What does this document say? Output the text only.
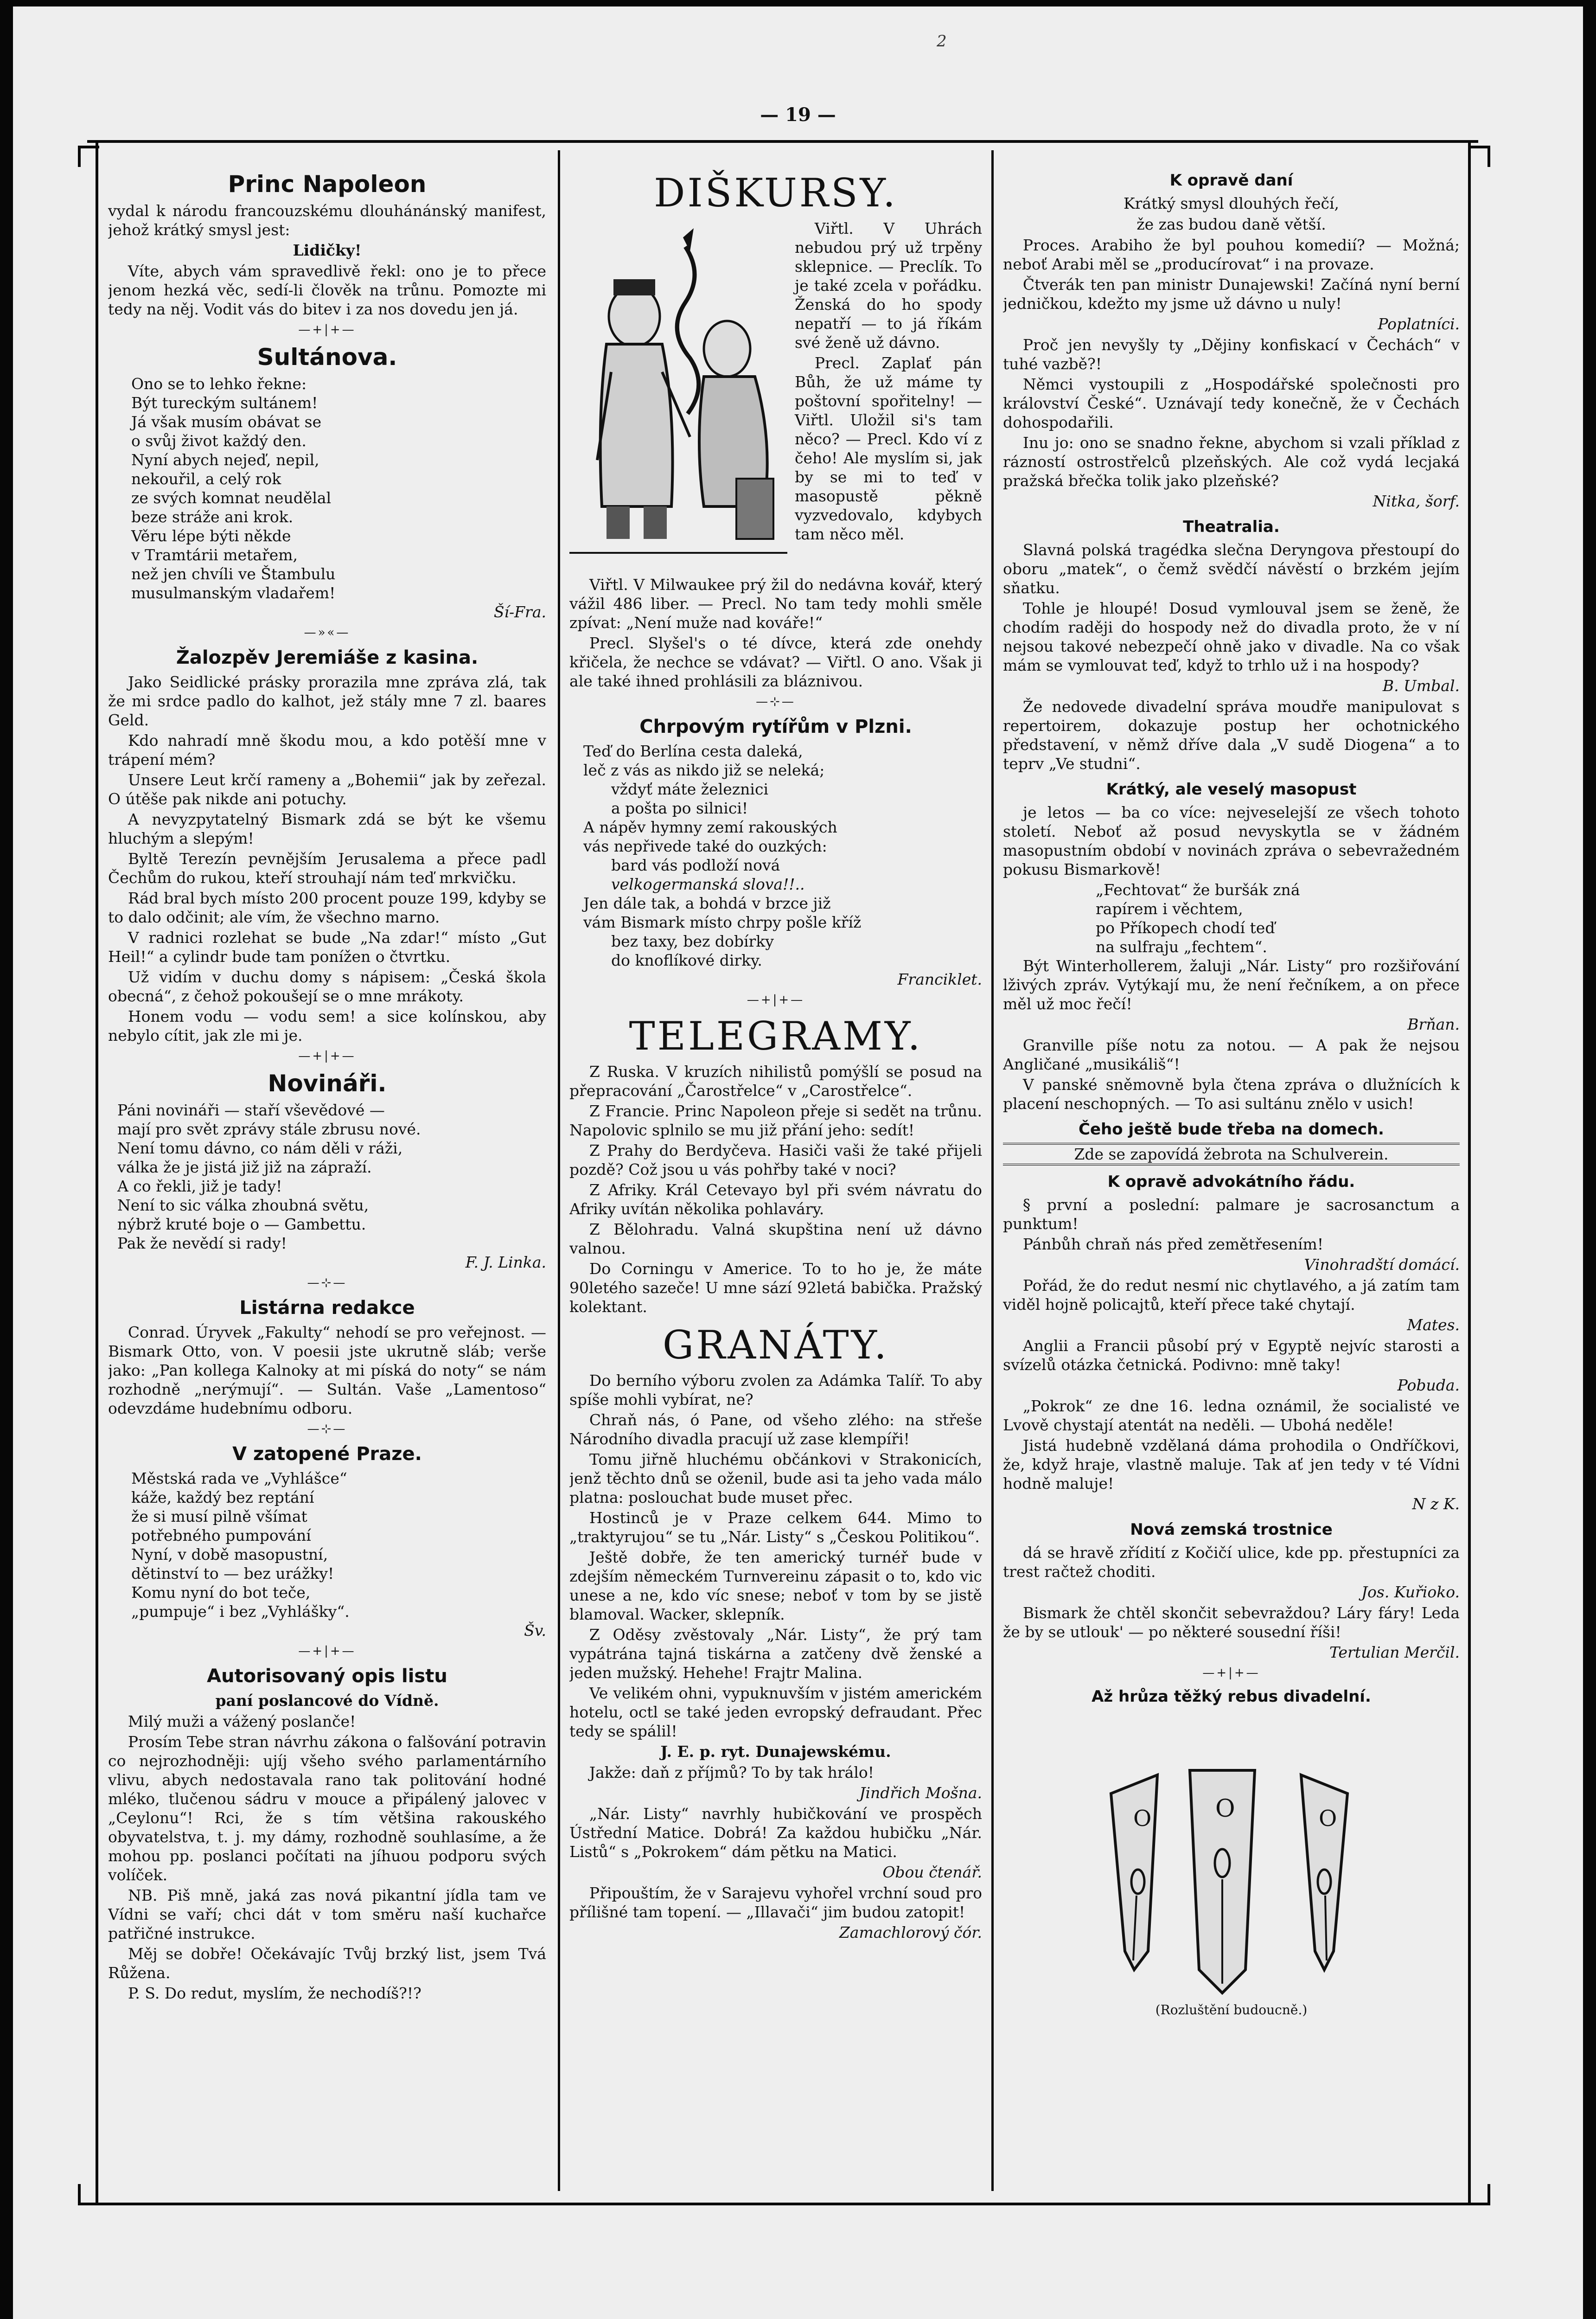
— 19 —
Princ Napoleon

vydal k národu francouzskému dlouhánánský manifest, jehož krátký smysl jest:

Lidičky!

Víte, abych vám spravedlivě řekl: ono je to přece jenom hezká věc, sedí-li člověk na trůnu. Pomozte mi tedy na něj. Vodit vás do bitev i za nos dovedu jen já.

—+|+—
Sultánova.
Ono se to lehko řekne:
Být tureckým sultánem!
Já však musím obávat se
o svůj život každý den.
Nyní abych nejeď, nepil,
nekouřil, a celý rok
ze svých komnat neudělal
beze stráže ani krok.
Věru lépe býti někde
v Tramtárii metařem,
než jen chvíli ve Štambulu
musulmanským vladařem!
Ší-Fra.
—»«—
Žalozpěv Jeremiáše z kasina.

Jako Seidlické prásky prorazila mne zpráva zlá, tak že mi srdce padlo do kalhot, jež stály mne 7 zl. baares Geld.

Kdo nahradí mně škodu mou, a kdo potěší mne v trápení mém?

Unsere Leut krčí rameny a „Bohemii“ jak by zeřezal. O útěše pak nikde ani potuchy.

A nevyzpytatelný Bismark zdá se být ke všemu hluchým a slepým!

Byltě Terezín pevnějším Jerusalema a přece padl Čechům do rukou, kteří strouhají nám teď mrkvičku.

Rád bral bych místo 200 procent pouze 199, kdyby se to dalo odčinit; ale vím, že všechno marno.

V radnici rozlehat se bude „Na zdar!“ místo „Gut Heil!“ a cylindr bude tam ponížen o čtvrtku.

Už vidím v duchu domy s nápisem: „Česká škola obecná“, z čehož pokoušejí se o mne mrákoty.

Honem vodu — vodu sem! a sice kolínskou, aby nebylo cítit, jak zle mi je.

—+|+—
Novináři.
Páni novináři — staří vševědové —
mají pro svět zprávy stále zbrusu nové.
Není tomu dávno, co nám děli v ráži,
válka že je jistá již již na zápraží.
A co řekli, již je tady!
Není to sic válka zhoubná světu,
nýbrž kruté boje o — Gambettu.
Pak že nevědí si rady!
F. J. Linka.
—⊹—
Listárna redakce

Conrad. Úryvek „Fakulty“ nehodí se pro veřejnost. — Bismark Otto, von. V poesii jste ukrutně sláb; verše jako: „Pan kollega Kalnoky at mi píská do noty“ se nám rozhodně „nerýmují“. — Sultán. Vaše „Lamentoso“ odevzdáme hudebnímu odboru.

—⊹—
V zatopené Praze.
Městská rada ve „Vyhlášce“
káže, každý bez reptání
že si musí pilně všímat
potřebného pumpování
Nyní, v době masopustní,
dětinství to — bez urážky!
Komu nyní do bot teče,
„pumpuje“ i bez „Vyhlášky“.
Šv.
—+|+—
Autorisovaný opis listu
paní poslancové do Vídně.

Milý muži a vážený poslanče!

Prosím Tebe stran návrhu zákona o falšování potravin co nejrozhodněji: ujíj všeho svého parlamentárního vlivu, abych nedostavala rano tak politování hodné mléko, tlučenou sádru v mouce a připálený jalovec v „Ceylonu“! Rci, že s tím většina rakouského obyvatelstva, t. j. my dámy, rozhodně souhlasíme, a že mohou pp. poslanci počítati na jíhuou podporu svých volíček.

NB. Piš mně, jaká zas nová pikantní jídla tam ve Vídni se vaří; chci dát v tom směru naší kuchařce patřičné instrukce.

Měj se dobře! Očekávajíc Tvůj brzký list, jsem Tvá Růžena.

P. S. Do redut, myslím, že nechodíš?!?

DIŠKURSY.

Viřtl. V Uhrách nebudou prý už trpěny sklepnice. — Preclík. To je také zcela v pořádku. Ženská do ho spody nepatří — to já říkám své ženě už dávno.

Precl. Zaplať pán Bůh, že už máme ty poštovní spořitelny! — Viřtl. Uložil si's tam něco? — Precl. Kdo ví z čeho! Ale myslím si, jak by se mi to teď v masopustě pěkně vyzvedovalo, kdybych tam něco měl.

Viřtl. V Milwaukee prý žil do nedávna kovář, který vážil 486 liber. — Precl. No tam tedy mohli směle zpívat: „Není muže nad kováře!“

Precl. Slyšel's o té dívce, která zde onehdy křičela, že nechce se vdávat? — Viřtl. O ano. Však ji ale také ihned prohlásili za bláznivou.

—⊹—
Chrpovým rytířům v Plzni.
Teď do Berlína cesta daleká,
leč z vás as nikdo již se neleká;
vždyť máte železnici
a pošta po silnici!
A nápěv hymny zemí rakouských
vás nepřivede také do ouzkých:
bard vás podloží nová
velkogermanská slova!!..
Jen dále tak, a bohdá v brzce již
vám Bismark místo chrpy pošle kříž
bez taxy, bez dobírky
do knoflíkové dirky.
Franciklet.
—+|+—
TELEGRAMY.

Z Ruska. V kruzích nihilistů pomýšlí se posud na přepracování „Čarostřelce“ v „Carostřelce“.

Z Francie. Princ Napoleon přeje si sedět na trůnu. Napolovic splnilo se mu již přání jeho: sedít!

Z Prahy do Berdyčeva. Hasiči vaši že také přijeli pozdě? Což jsou u vás pohřby také v noci?

Z Afriky. Král Cetevayo byl při svém návratu do Afriky uvítán několika pohlaváry.

Z Bělohradu. Valná skupština není už dávno valnou.

Do Corningu v Americe. To to ho je, že máte 90letého sazeče! U mne sází 92letá babička. Pražský kolektant.

GRANÁTY.

Do berního výboru zvolen za Adámka Talíř. To aby spíše mohli vybírat, ne?

Chraň nás, ó Pane, od všeho zlého: na střeše Národního divadla pracují už zase klempíři!

Tomu jiřně hluchému občánkovi v Strakonicích, jenž těchto dnů se oženil, bude asi ta jeho vada málo platna: poslouchat bude muset přec.

Hostinců je v Praze celkem 644. Mimo to „traktyrujou“ se tu „Nár. Listy“ s „Českou Politikou“.

Ještě dobře, že ten americký turnéř bude v zdejším německém Turnvereinu zápasit o to, kdo vic unese a ne, kdo víc snese; neboť v tom by se jistě blamoval. Wacker, sklepník.

Z Oděsy zvěstovaly „Nár. Listy“, že prý tam vypátrána tajná tiskárna a zatčeny dvě ženské a jeden mužský. Hehehe! Frajtr Malina.

Ve velikém ohni, vypuknuvším v jistém americkém hotelu, octl se také jeden evropský defraudant. Přec tedy se spálil!

J. E. p. ryt. Dunajewskému.

Jakže: daň z příjmů? To by tak hrálo!

Jindřich Mošna.

„Nár. Listy“ navrhly hubičkování ve prospěch Ústřední Matice. Dobrá! Za každou hubičku „Nár. Listů“ s „Pokrokem“ dám pětku na Matici.

Obou čtenář.

Připouštím, že v Sarajevu vyhořel vrchní soud pro přílišné tam topení. — „Illavači“ jim budou zatopit!

Zamachlorový čór.
K opravě daní
Krátký smysl dlouhých řečí,
že zas budou daně větší.

Proces. Arabiho že byl pouhou komedií? — Možná; neboť Arabi měl se „producírovat“ i na provaze.

Čtverák ten pan ministr Dunajewski! Začíná nyní berní jedničkou, kdežto my jsme už dávno u nuly!

Poplatníci.

Proč jen nevyšly ty „Dějiny konfiskací v Čechách“ v tuhé vazbě?!

Němci vystoupili z „Hospodářské společnosti pro království České“. Uznávají tedy konečně, že v Čechách dohospodařili.

Inu jo: ono se snadno řekne, abychom si vzali příklad z rázností ostrostřelců plzeňských. Ale což vydá lecjaká pražská břečka tolik jako plzeňské?

Nitka, šorf.
Theatralia.

Slavná polská tragédka slečna Deryngova přestoupí do oboru „matek“, o čemž svědčí návěstí o brzkém jejím sňatku.

Tohle je hloupé! Dosud vymlouval jsem se ženě, že chodím raději do hospody než do divadla proto, že v ní nejsou takové nebezpečí ohně jako v divadle. Na co však mám se vymlouvat teď, když to trhlo už i na hospody?

B. Umbal.

Že nedovede divadelní správa moudře manipulovat s repertoirem, dokazuje postup her ochotnického představení, v němž dříve dala „V sudě Diogena“ a to teprv „Ve studni“.

Krátký, ale veselý masopust

je letos — ba co více: nejveselejší ze všech tohoto století. Neboť až posud nevyskytla se v žádném masopustním období v novinách zpráva o sebevražedném pokusu Bismarkově!

„Fechtovat“ že buršák zná
rapírem i věchtem,
po Příkopech chodí teď
na sulfraju „fechtem“.

Být Winterhollerem, žaluji „Nár. Listy“ pro rozšiřování lživých zpráv. Vytýkají mu, že není řečníkem, a on přece měl už moc řečí!

Brňan.

Granville píše notu za notou. — A pak že nejsou Angličané „musikáliš“!

V panské sněmovně byla čtena zpráva o dlužnících k placení neschopných. — To asi sultánu znělo v usich!

Čeho ještě bude třeba na domech.

Zde se zapovídá žebrota na Schulverein.

K opravě advokátního řádu.

§ první a poslední: palmare je sacrosanctum a punktum!

Pánbůh chraň nás před zemětřesením!

Vinohradští domácí.

Pořád, že do redut nesmí nic chytlavého, a já zatím tam viděl hojně policajtů, kteří přece také chytají.

Mates.

Anglii a Francii působí prý v Egyptě nejvíc starosti a svízelů otázka četnická. Podivno: mně taky!

Pobuda.

„Pokrok“ ze dne 16. ledna oznámil, že socialisté ve Lvově chystají atentát na neděli. — Ubohá neděle!

Jistá hudebně vzdělaná dáma prohodila o Ondříčkovi, že, když hraje, vlastně maluje. Tak ať jen tedy v té Vídni hodně maluje!

N z K.
Nová zemská trostnice

dá se hravě zřídití z Kočičí ulice, kde pp. přestupníci za trest račtež choditi.

Jos. Kuřioko.

Bismark že chtěl skončit sebevraždou? Láry fáry! Leda že by se utlouk' — po některé sousední říši!

Tertulian Merčil.
—+|+—
Až hrůza těžký rebus divadelní.
O	O	O
(Rozluštění budoucně.)
2
